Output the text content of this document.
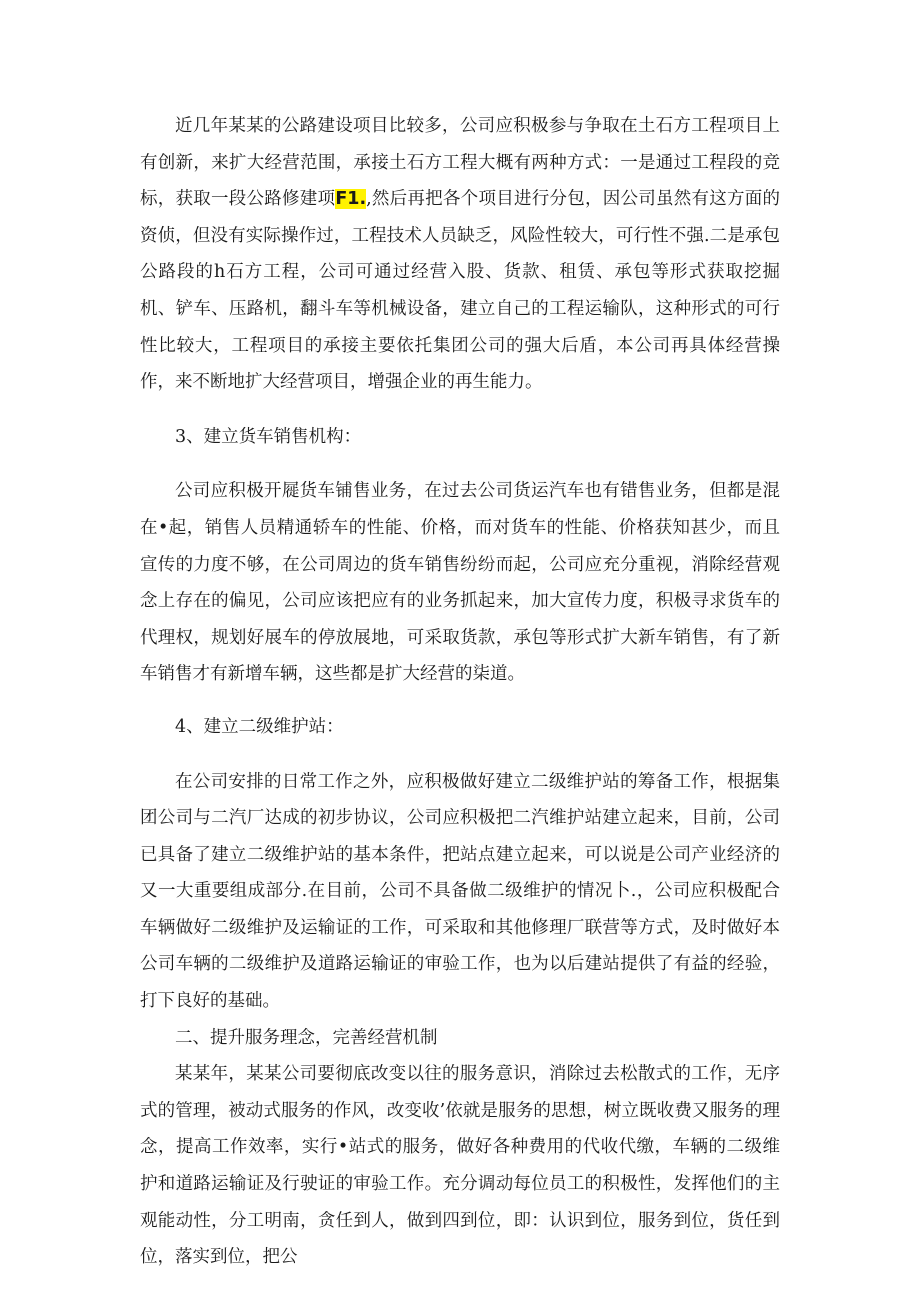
近几年某某的公路建设项目比较多，公司应积极参与争取在土石方工程项目上有创新，来扩大经营范围，承接土石方工程大概有两种方式：一是通过工程段的竞标，获取一段公路修建项F1.,然后再把各个项目进行分包，因公司虽然有这方面的资侦，但没有实际操作过，工程技术人员缺乏，风险性较大，可行性不强.二是承包公路段的h石方工程，公司可通过经营入股、货款、租赁、承包等形式获取挖掘机、铲车、压路机，翻斗车等机械设备，建立自己的工程运输队，这种形式的可行性比较大，工程项目的承接主要依托集团公司的强大后盾，本公司再具体经营操作，来不断地扩大经营项目，增强企业的再生能力。

3、建立货车销售机构：

公司应积极开屣货车铺售业务，在过去公司货运汽车也有错售业务，但都是混在•起，销售人员精通轿车的性能、价格，而对货车的性能、价格获知甚少，而且宣传的力度不够，在公司周边的货车销售纷纷而起，公司应充分重视，消除经营观念上存在的偏见，公司应该把应有的业务抓起来，加大宣传力度，积极寻求货车的代理权，规划好展车的停放展地，可采取货款，承包等形式扩大新车销售，有了新车销售才有新增车辆，这些都是扩大经营的柒道。

4、建立二级维护站：

在公司安排的日常工作之外，应积极做好建立二级维护站的筹备工作，根据集团公司与二汽厂达成的初步协议，公司应积极把二汽维护站建立起来，目前，公司已具备了建立二级维护站的基本条件，把站点建立起来，可以说是公司产业经济的又一大重要组成部分.在目前，公司不具备做二级维护的情况卜.，公司应积极配合车辆做好二级维护及运输证的工作，可采取和其他修理厂联营等方式，及时做好本公司车辆的二级维护及道路运输证的审验工作，也为以后建站提供了有益的经验，打下良好的基础。

二、提升服务理念，完善经营机制

某某年，某某公司要彻底改变以往的服务意识，消除过去松散式的工作，无序式的管理，被动式服务的作风，改变收’依就是服务的思想，树立既收费又服务的理念，提高工作效率，实行•站式的服务，做好各种费用的代收代缴，车辆的二级维护和道路运输证及行驶证的审验工作。充分调动每位员工的积极性，发挥他们的主观能动性，分工明南，贪任到人，做到四到位，即：认识到位，服务到位，货任到位，落实到位，把公
